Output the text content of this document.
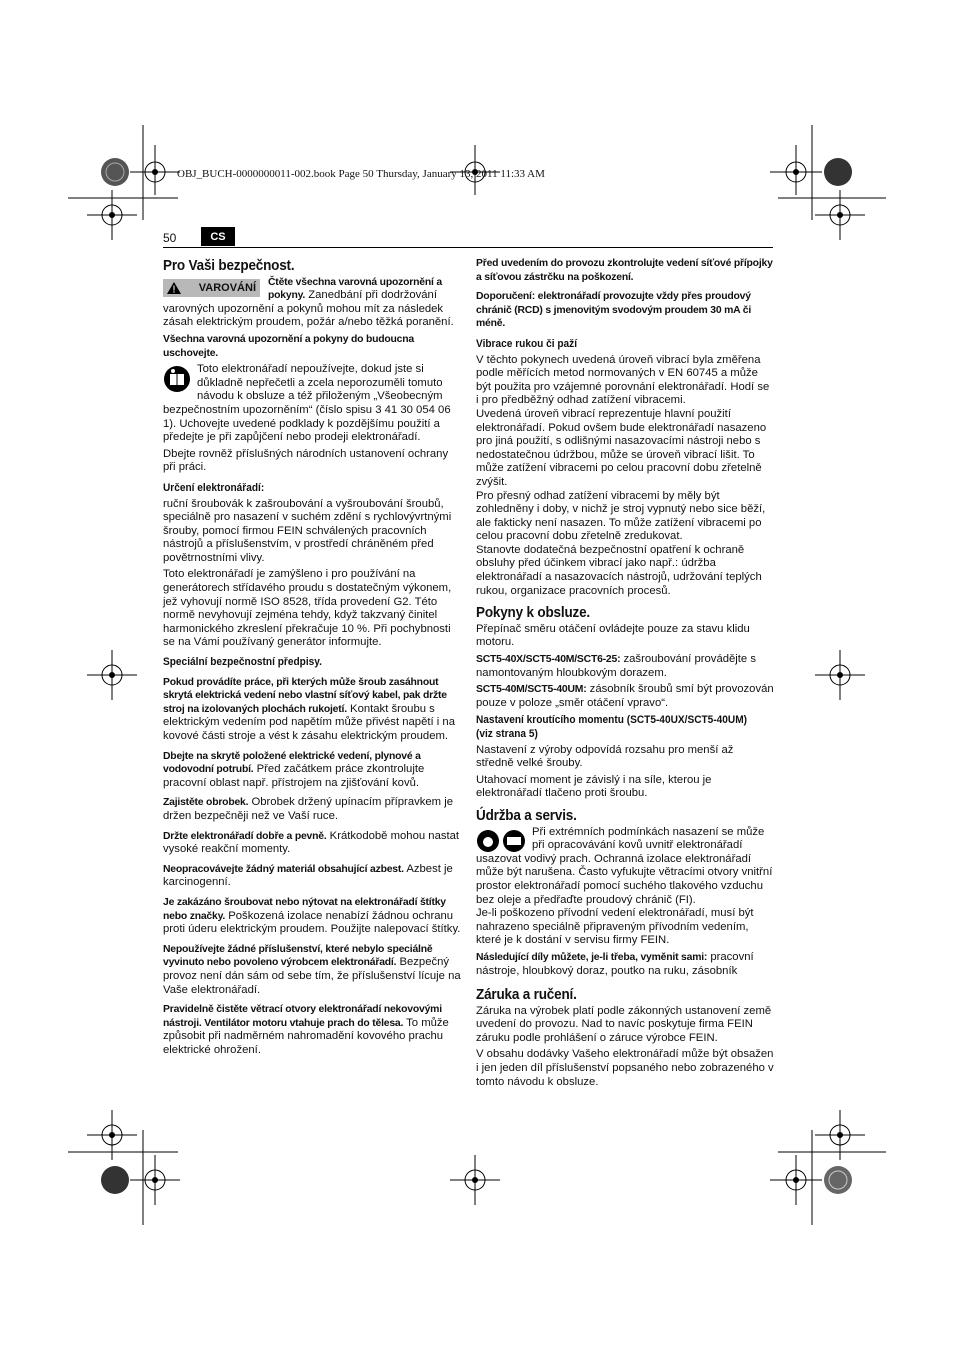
OBJ_BUCH-0000000011-002.book Page 50 Thursday, January 13, 2011 11:33 AM
50	CS
Pro Vaši bezpečnost.

VAROVÁNÍ	Čtěte všechna varovná upozornění a pokyny. Zanedbání při dodržování varovných upozornění a pokynů mohou mít za následek zásah elektrickým proudem, požár a/nebo těžká poranění.

Všechna varovná upozornění a pokyny do budoucna uschovejte.

Toto elektronářadí nepoužívejte, dokud jste si důkladně nepřečetli a zcela neporozuměli tomuto návodu k obsluze a též přiloženým „Všeobecným bezpečnostním upozorněním“ (číslo spisu 3 41 30 054 06 1). Uchovejte uvedené podklady k pozdějšímu použití a předejte je při zapůjčení nebo prodeji elektronářadí.

Dbejte rovněž příslušných národních ustanovení ochrany při práci.

Určení elektronářadí:

ruční šroubovák k zašroubování a vyšroubování šroubů, speciálně pro nasazení v suchém zdění s rychlovývrtnými šrouby, pomocí firmou FEIN schválených pracovních nástrojů a příslušenstvím, v prostředí chráněném před povětrnostními vlivy.

Toto elektronářadí je zamýšleno i pro používání na generátorech střídavého proudu s dostatečným výkonem, jež vyhovují normě ISO 8528, třída provedení G2. Této normě nevyhovují zejména tehdy, když takzvaný činitel harmonického zkreslení překračuje 10 %. Při pochybnosti se na Vámi používaný generátor informujte.

Speciální bezpečnostní předpisy.

Pokud provádíte práce, při kterých může šroub zasáhnout skrytá elektrická vedení nebo vlastní síťový kabel, pak držte stroj na izolovaných plochách rukojetí. Kontakt šroubu s elektrickým vedením pod napětím může přivést napětí i na kovové části stroje a vést k zásahu elektrickým proudem.

Dbejte na skrytě položené elektrické vedení, plynové a vodovodní potrubí. Před začátkem práce zkontrolujte pracovní oblast např. přístrojem na zjišťování kovů.

Zajistěte obrobek. Obrobek držený upínacím přípravkem je držen bezpečněji než ve Vaší ruce.

Držte elektronářadí dobře a pevně. Krátkodobě mohou nastat vysoké reakční momenty.

Neopracovávejte žádný materiál obsahující azbest. Azbest je karcinogenní.

Je zakázáno šroubovat nebo nýtovat na elektronářadí štítky nebo značky. Poškozená izolace nenabízí žádnou ochranu proti úderu elektrickým proudem. Použijte nalepovací štítky.

Nepoužívejte žádné příslušenství, které nebylo speciálně vyvinuto nebo povoleno výrobcem elektronářadí. Bezpečný provoz není dán sám od sebe tím, že příslušenství lícuje na Vaše elektronářadí.

Pravidelně čistěte větrací otvory elektronářadí nekovovými nástroji. Ventilátor motoru vtahuje prach do tělesa. To může způsobit při nadměrném nahromadění kovového prachu elektrické ohrožení.

Před uvedením do provozu zkontrolujte vedení síťové přípojky a síťovou zástrčku na poškození.

Doporučení: elektronářadí provozujte vždy přes proudový chránič (RCD) s jmenovitým svodovým proudem 30 mA či méně.

Vibrace rukou či paží

V těchto pokynech uvedená úroveň vibrací byla změřena podle měřících metod normovaných v EN 60745 a může být použita pro vzájemné porovnání elektronářadí. Hodí se i pro předběžný odhad zatížení vibracemi.

Uvedená úroveň vibrací reprezentuje hlavní použití elektronářadí. Pokud ovšem bude elektronářadí nasazeno pro jiná použití, s odlišnými nasazovacími nástroji nebo s nedostatečnou údržbou, může se úroveň vibrací lišit. To může zatížení vibracemi po celou pracovní dobu zřetelně zvýšit.

Pro přesný odhad zatížení vibracemi by měly být zohledněny i doby, v nichž je stroj vypnutý nebo sice běží, ale fakticky není nasazen. To může zatížení vibracemi po celou pracovní dobu zřetelně zredukovat.

Stanovte dodatečná bezpečnostní opatření k ochraně obsluhy před účinkem vibrací jako např.: údržba elektronářadí a nasazovacích nástrojů, udržování teplých rukou, organizace pracovních procesů.

Pokyny k obsluze.

Přepínač směru otáčení ovládejte pouze za stavu klidu motoru.

SCT5-40X/SCT5-40M/SCT6-25: zašroubování provádějte s namontovaným hloubkovým dorazem.

SCT5-40M/SCT5-40UM: zásobník šroubů smí být provozován pouze v poloze „směr otáčení vpravo“.

Nastavení kroutícího momentu (SCT5-40UX/SCT5-40UM) (viz strana 5)

Nastavení z výroby odpovídá rozsahu pro menší až středně velké šrouby.

Utahovací moment je závislý i na síle, kterou je elektronářadí tlačeno proti šroubu.

Údržba a servis.

Při extrémních podmínkách nasazení se může při opracovávání kovů uvnitř elektronářadí usazovat vodivý prach. Ochranná izolace elektronářadí může být narušena. Často vyfukujte větracími otvory vnitřní prostor elektronářadí pomocí suchého tlakového vzduchu bez oleje a předřaďte proudový chránič (FI).

Je-li poškozeno přívodní vedení elektronářadí, musí být nahrazeno speciálně připraveným přívodním vedením, které je k dostání v servisu firmy FEIN.

Následující díly můžete, je-li třeba, vyměnit sami: pracovní nástroje, hloubkový doraz, poutko na ruku, zásobník

Záruka a ručení.

Záruka na výrobek platí podle zákonných ustanovení země uvedení do provozu. Nad to navíc poskytuje firma FEIN záruku podle prohlášení o záruce výrobce FEIN.

V obsahu dodávky Vašeho elektronářadí může být obsažen i jen jeden díl příslušenství popsaného nebo zobrazeného v tomto návodu k obsluze.
